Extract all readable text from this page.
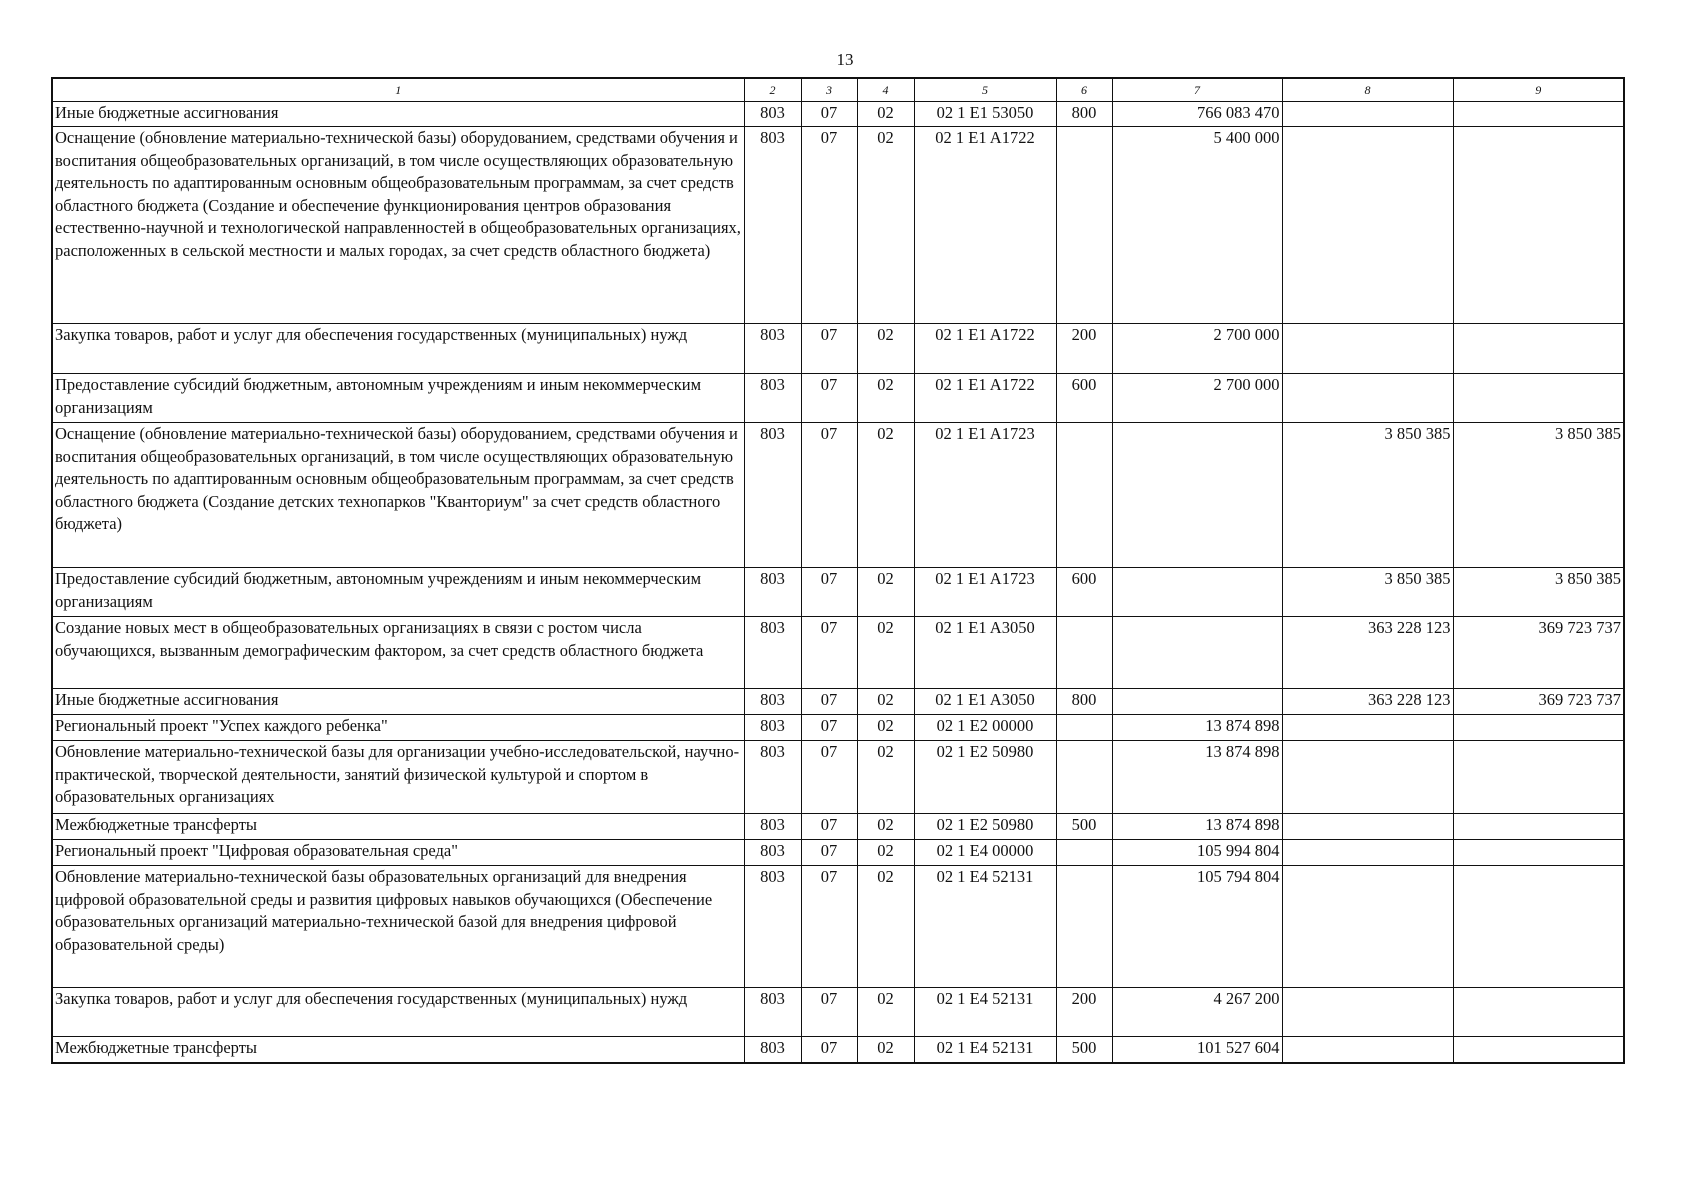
13
1	2	3	4	5	6	7	8	9
Иные бюджетные ассигнования	803	07	02	02 1 E1 53050	800	766 083 470		
Оснащение (обновление материально-технической базы) оборудованием, средствами обучения и воспитания общеобразовательных организаций, в том числе осуществляющих образовательную деятельность по адаптированным основным общеобразовательным программам, за счет средств областного бюджета (Создание и обеспечение функционирования центров образования естественно-научной и технологической направленностей в общеобразовательных организациях, расположенных в сельской местности и малых городах, за счет средств областного бюджета)	803	07	02	02 1 E1 A1722		5 400 000		
Закупка товаров, работ и услуг для обеспечения государственных (муниципальных) нужд	803	07	02	02 1 E1 A1722	200	2 700 000		
Предоставление субсидий бюджетным, автономным учреждениям и иным некоммерческим организациям	803	07	02	02 1 E1 A1722	600	2 700 000		
Оснащение (обновление материально-технической базы) оборудованием, средствами обучения и воспитания общеобразовательных организаций, в том числе осуществляющих образовательную деятельность по адаптированным основным общеобразовательным программам, за счет средств областного бюджета (Создание детских технопарков "Кванториум" за счет средств областного бюджета)	803	07	02	02 1 E1 A1723			3 850 385	3 850 385
Предоставление субсидий бюджетным, автономным учреждениям и иным некоммерческим организациям	803	07	02	02 1 E1 A1723	600		3 850 385	3 850 385
Создание новых мест в общеобразовательных организациях в связи с ростом числа обучающихся, вызванным демографическим фактором, за счет средств областного бюджета	803	07	02	02 1 E1 A3050			363 228 123	369 723 737
Иные бюджетные ассигнования	803	07	02	02 1 E1 A3050	800		363 228 123	369 723 737
Региональный проект "Успех каждого ребенка"	803	07	02	02 1 E2 00000		13 874 898		
Обновление материально-технической базы для организации учебно-исследовательской, научно-практической, творческой деятельности, занятий физической культурой и спортом в образовательных организациях	803	07	02	02 1 E2 50980		13 874 898		
Межбюджетные трансферты	803	07	02	02 1 E2 50980	500	13 874 898		
Региональный проект "Цифровая образовательная среда"	803	07	02	02 1 E4 00000		105 994 804		
Обновление материально-технической базы образовательных организаций для внедрения цифровой образовательной среды и развития цифровых навыков обучающихся (Обеспечение образовательных организаций материально-технической базой для внедрения цифровой образовательной среды)	803	07	02	02 1 E4 52131		105 794 804		
Закупка товаров, работ и услуг для обеспечения государственных (муниципальных) нужд	803	07	02	02 1 E4 52131	200	4 267 200		
Межбюджетные трансферты	803	07	02	02 1 E4 52131	500	101 527 604		
